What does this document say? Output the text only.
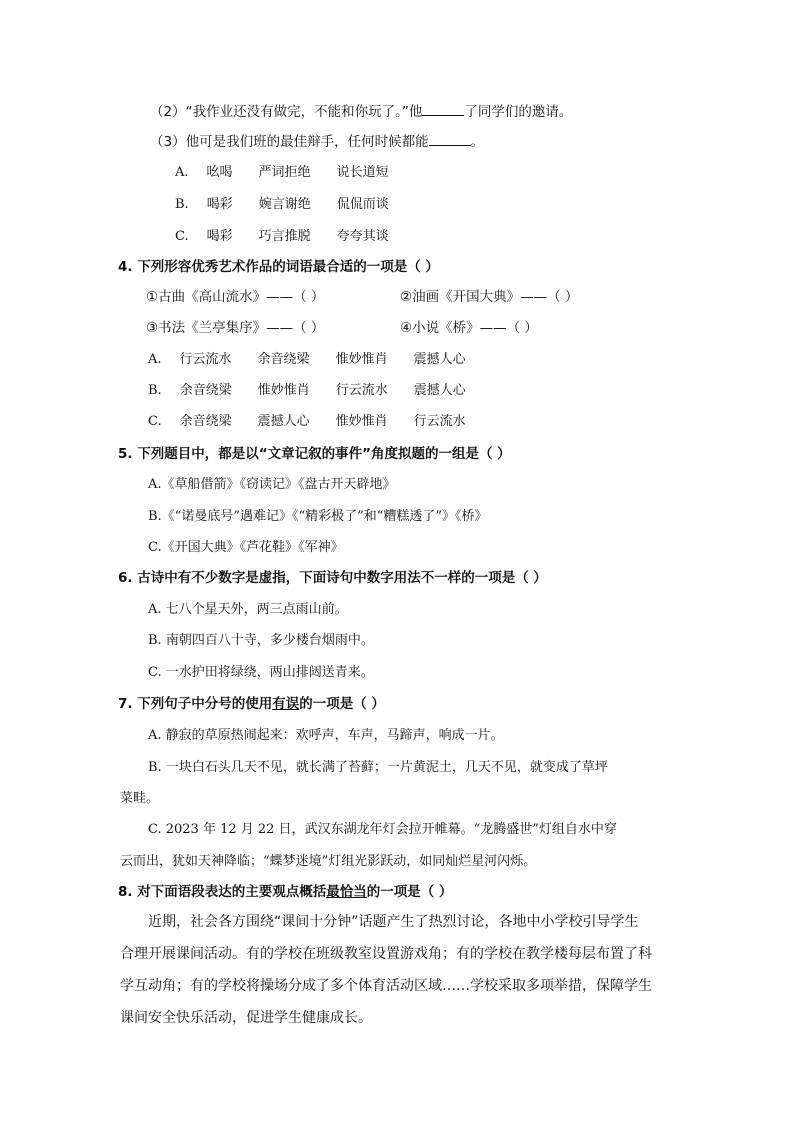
（2）“我作业还没有做完，不能和你玩了。”他	了同学们的邀请。
（3）他可是我们班的最佳辩手，任何时候都能	。
A. 吆喝 严词拒绝 说长道短
B. 喝彩 婉言谢绝 侃侃而谈
C. 喝彩 巧言推脱 夸夸其谈
4. 下列形容优秀艺术作品的词语最合适的一项是（ ）
①古曲《高山流水》——（ ）	②油画《开国大典》——（ ）
③书法《兰亭集序》——（ ）	④小说《桥》——（ ）
A. 行云流水 余音绕梁 惟妙惟肖 震撼人心
B. 余音绕梁 惟妙惟肖 行云流水 震撼人心
C. 余音绕梁 震撼人心 惟妙惟肖 行云流水
5. 下列题目中，都是以“文章记叙的事件”角度拟题的一组是（ ）
A.《草船借箭》《窃读记》《盘古开天辟地》
B.《“诺曼底号”遇难记》《“精彩极了”和“糟糕透了”》《桥》
C.《开国大典》《芦花鞋》《军神》
6. 古诗中有不少数字是虚指，下面诗句中数字用法不一样的一项是（ ）
A. 七八个星天外，两三点雨山前。
B. 南朝四百八十寺，多少楼台烟雨中。
C. 一水护田将绿绕，两山排闼送青来。
7. 下列句子中分号的使用有误的一项是（ ）
A. 静寂的草原热闹起来：欢呼声，车声，马蹄声，响成一片。
B. 一块白石头几天不见，就长满了苔藓；一片黄泥土，几天不见，就变成了草坪
菜畦。
C. 2023 年 12 月 22 日，武汉东湖龙年灯会拉开帷幕。“龙腾盛世”灯组自水中穿
云而出，犹如天神降临；“蝶梦迷境”灯组光影跃动，如同灿烂星河闪烁。
8. 对下面语段表达的主要观点概括最恰当的一项是（ ）
近期，社会各方围绕“课间十分钟”话题产生了热烈讨论，各地中小学校引导学生
合理开展课间活动。有的学校在班级教室设置游戏角；有的学校在教学楼每层布置了科
学互动角；有的学校将操场分成了多个体育活动区域……学校采取多项举措，保障学生
课间安全快乐活动，促进学生健康成长。
